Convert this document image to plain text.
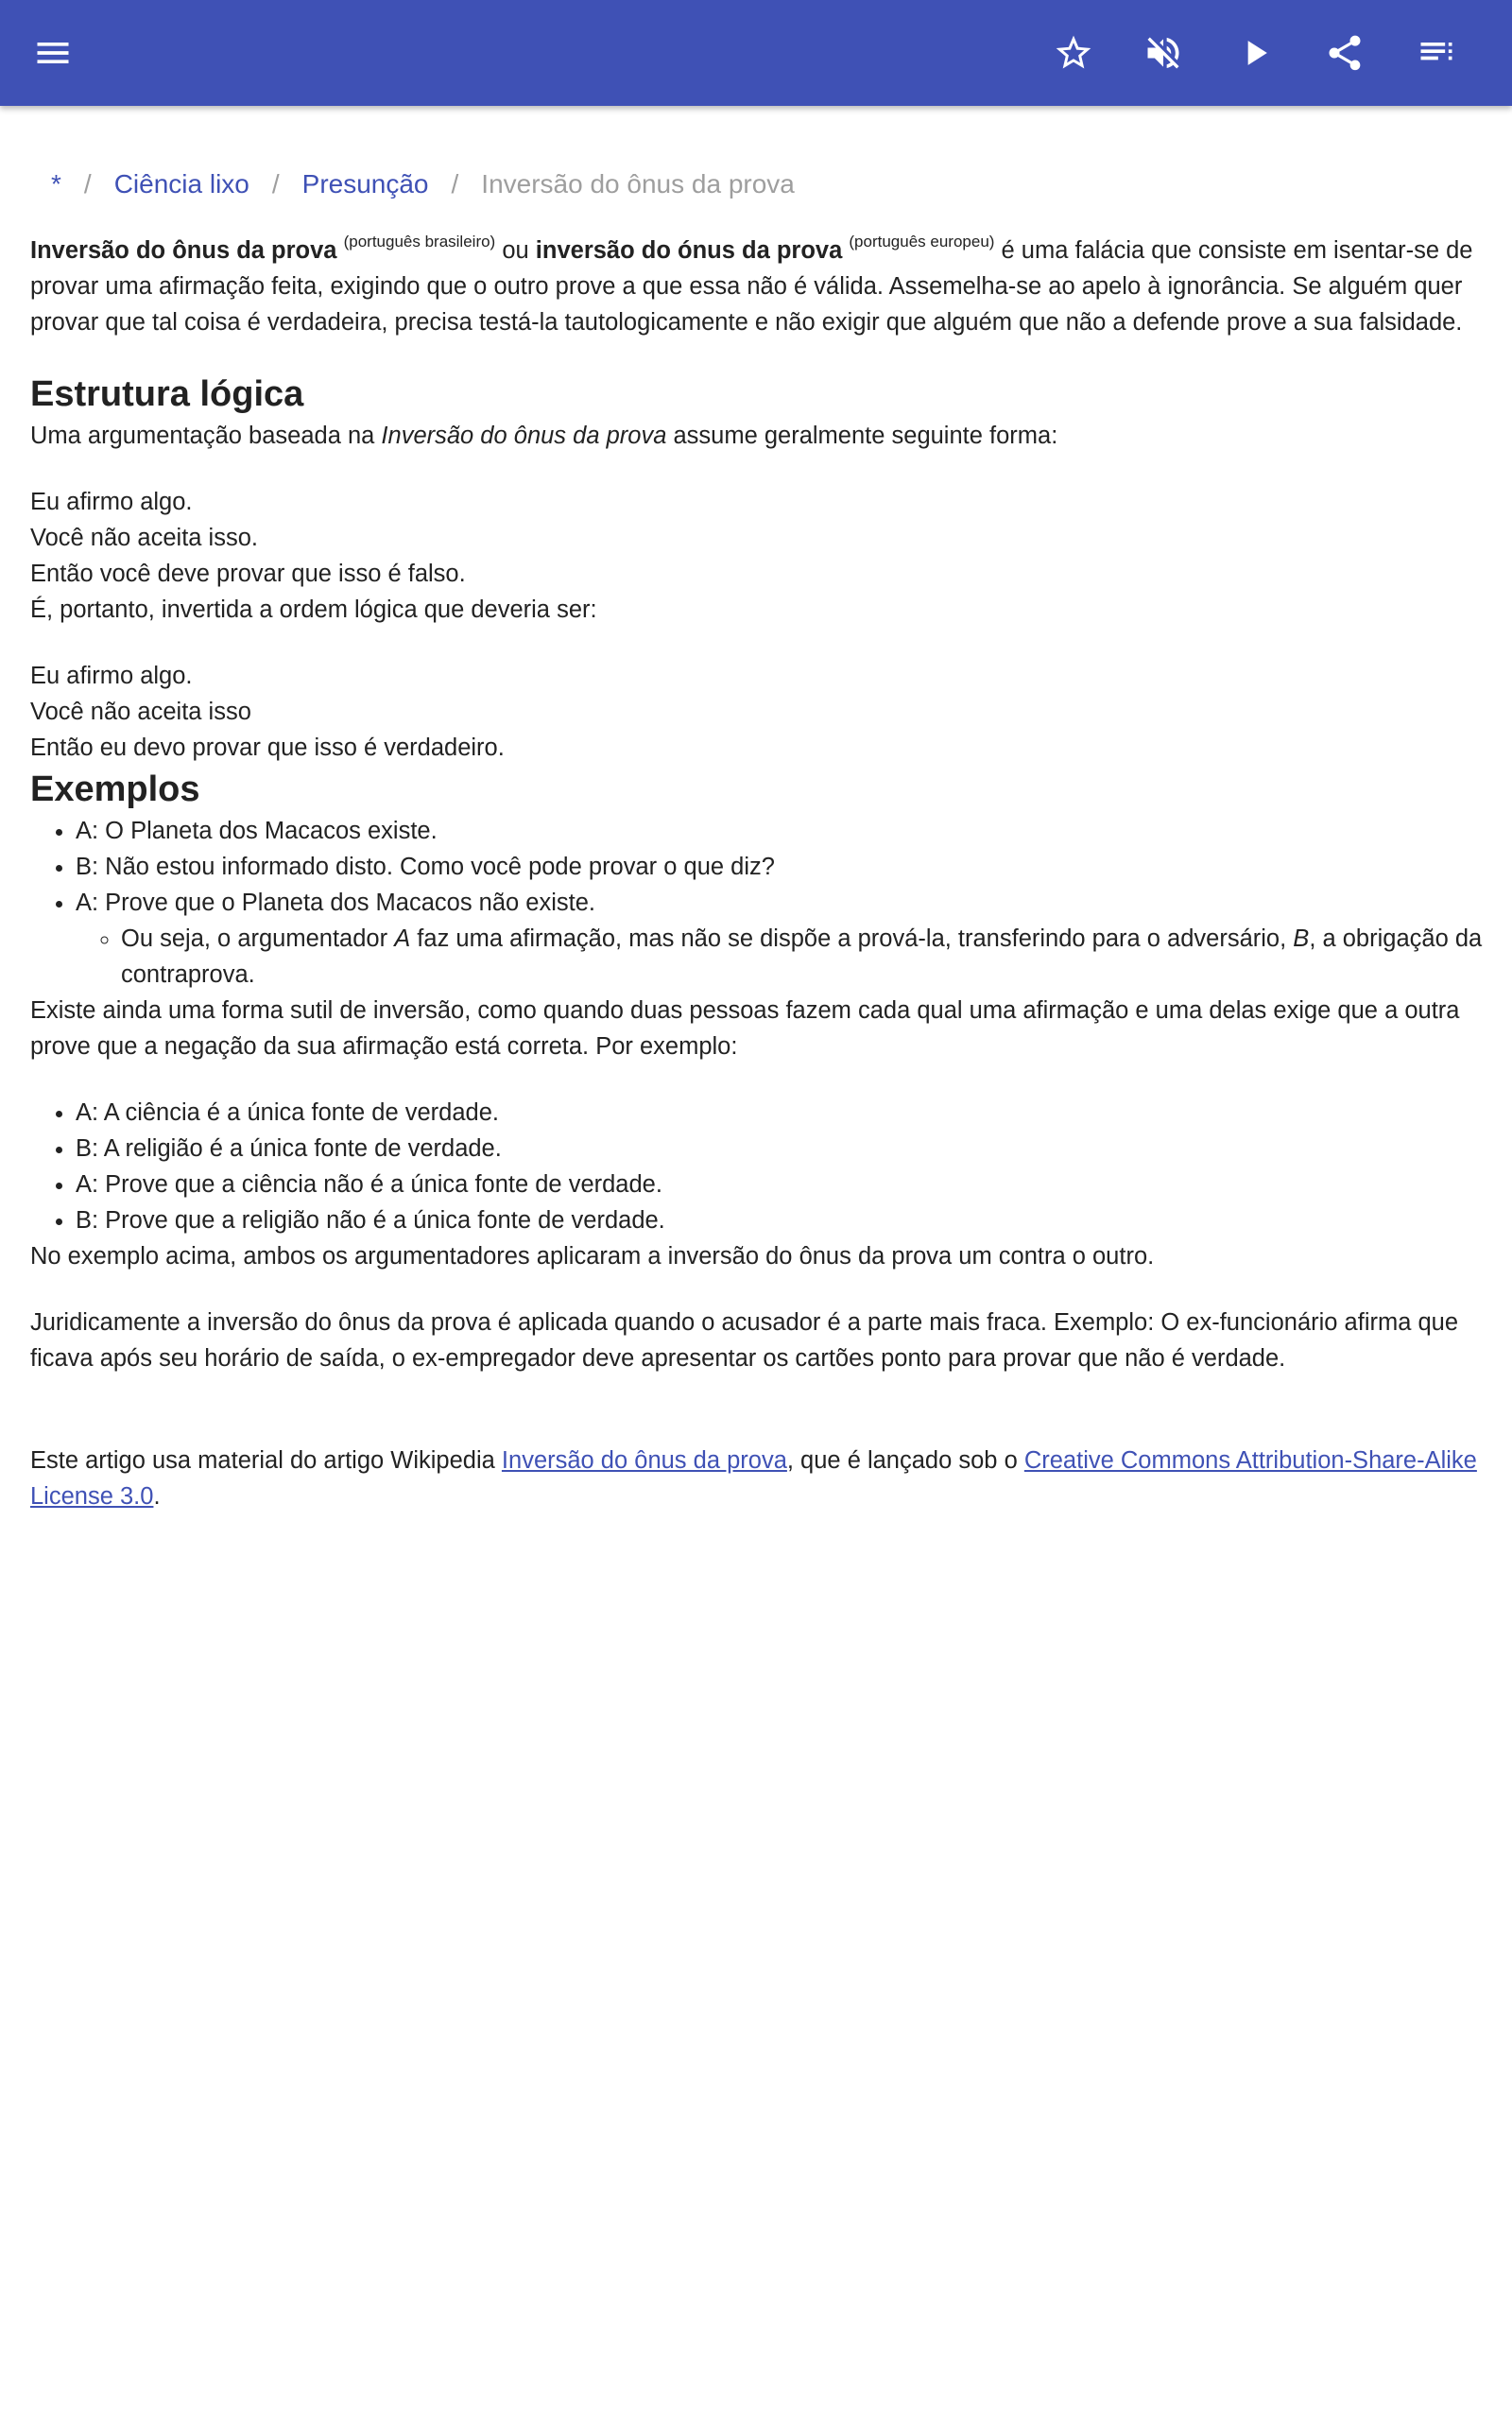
* / Ciência lixo / Presunção / Inversão do ônus da prova

Inversão do ônus da prova $^{(português brasileiro)}$ ou inversão do ónus da prova $^{(português europeu)}$ é uma falácia que consiste em isentar-se de provar uma afirmação feita, exigindo que o outro prove a que essa não é válida. Assemelha-se ao apelo à ignorância. Se alguém quer provar que tal coisa é verdadeira, precisa testá-la tautologicamente e não exigir que alguém que não a defende prove a sua falsidade.

Estrutura lógica

Uma argumentação baseada na Inversão do ônus da prova assume geralmente seguinte forma:

Eu afirmo algo.
Você não aceita isso.
Então você deve provar que isso é falso.
É, portanto, invertida a ordem lógica que deveria ser:
Eu afirmo algo.
Você não aceita isso
Então eu devo provar que isso é verdadeiro.
Exemplos
• A: O Planeta dos Macacos existe.
• B: Não estou informado disto. Como você pode provar o que diz?
• A: Prove que o Planeta dos Macacos não existe.
◦ Ou seja, o argumentador A faz uma afirmação, mas não se dispõe a prová-la, transferindo para o adversário, B, a obrigação da contraprova.

Existe ainda uma forma sutil de inversão, como quando duas pessoas fazem cada qual uma afirmação e uma delas exige que a outra prove que a negação da sua afirmação está correta. Por exemplo:

• A: A ciência é a única fonte de verdade.
• B: A religião é a única fonte de verdade.
• A: Prove que a ciência não é a única fonte de verdade.
• B: Prove que a religião não é a única fonte de verdade.

No exemplo acima, ambos os argumentadores aplicaram a inversão do ônus da prova um contra o outro.

Juridicamente a inversão do ônus da prova é aplicada quando o acusador é a parte mais fraca. Exemplo: O ex-funcionário afirma que ficava após seu horário de saída, o ex-empregador deve apresentar os cartões ponto para provar que não é verdade.

Este artigo usa material do artigo Wikipedia Inversão do ônus da prova, que é lançado sob o Creative Commons Attribution-Share-Alike License 3.0.
